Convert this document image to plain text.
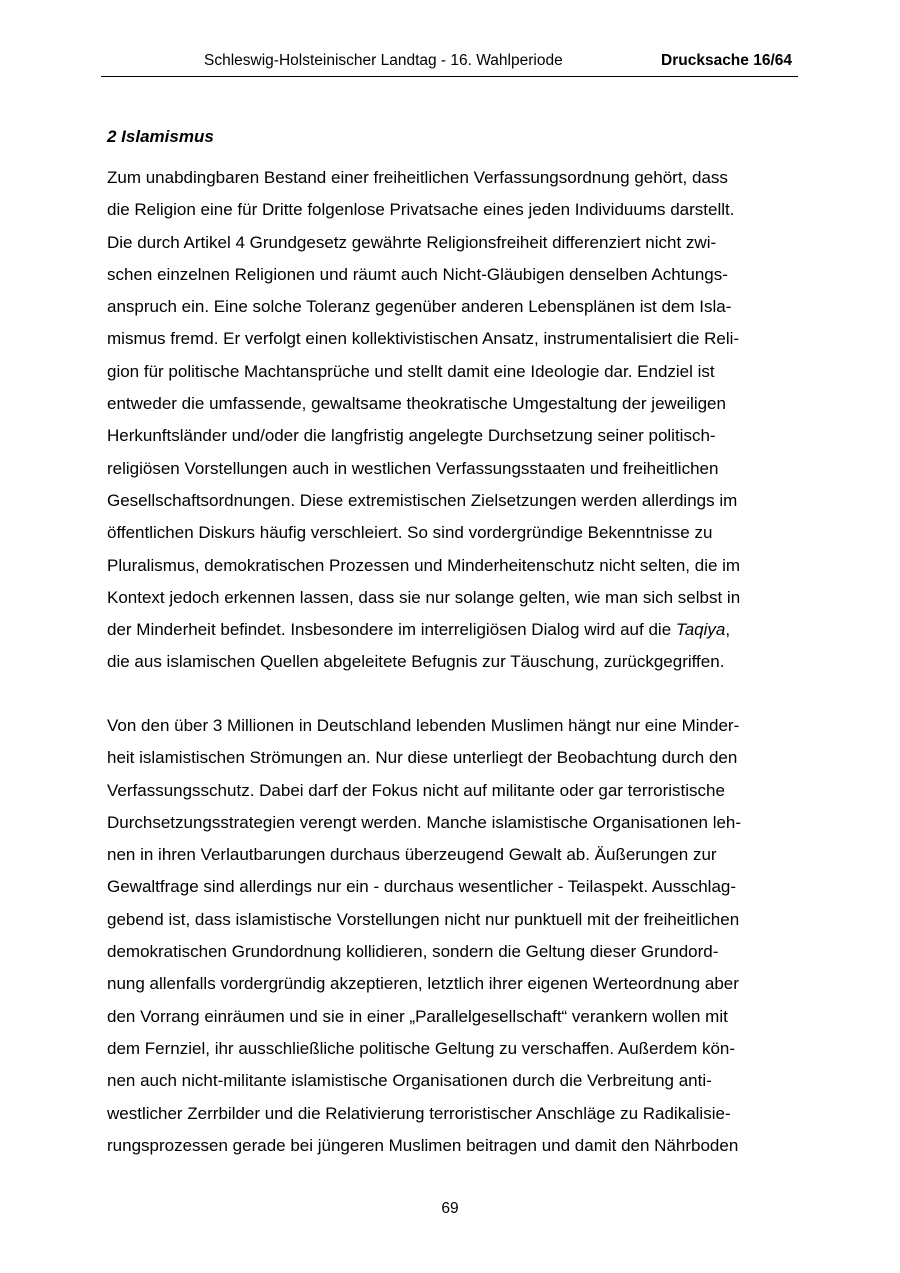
Schleswig-Holsteinischer Landtag - 16. Wahlperiode	Drucksache 16/64
2 Islamismus
Zum unabdingbaren Bestand einer freiheitlichen Verfassungsordnung gehört, dass
die Religion eine für Dritte folgenlose Privatsache eines jeden Individuums darstellt.
Die durch Artikel 4 Grundgesetz gewährte Religionsfreiheit differenziert nicht zwi-
schen einzelnen Religionen und räumt auch Nicht-Gläubigen denselben Achtungs-
anspruch ein. Eine solche Toleranz gegenüber anderen Lebensplänen ist dem Isla-
mismus fremd. Er verfolgt einen kollektivistischen Ansatz, instrumentalisiert die Reli-
gion für politische Machtansprüche und stellt damit eine Ideologie dar. Endziel ist
entweder die umfassende, gewaltsame theokratische Umgestaltung der jeweiligen
Herkunftsländer und/oder die langfristig angelegte Durchsetzung seiner politisch-
religiösen Vorstellungen auch in westlichen Verfassungsstaaten und freiheitlichen
Gesellschaftsordnungen. Diese extremistischen Zielsetzungen werden allerdings im
öffentlichen Diskurs häufig verschleiert. So sind vordergründige Bekenntnisse zu
Pluralismus, demokratischen Prozessen und Minderheitenschutz nicht selten, die im
Kontext jedoch erkennen lassen, dass sie nur solange gelten, wie man sich selbst in
der Minderheit befindet. Insbesondere im interreligiösen Dialog wird auf die Taqiya,
die aus islamischen Quellen abgeleitete Befugnis zur Täuschung, zurückgegriffen.
Von den über 3 Millionen in Deutschland lebenden Muslimen hängt nur eine Minder-
heit islamistischen Strömungen an. Nur diese unterliegt der Beobachtung durch den
Verfassungsschutz. Dabei darf der Fokus nicht auf militante oder gar terroristische
Durchsetzungsstrategien verengt werden. Manche islamistische Organisationen leh-
nen in ihren Verlautbarungen durchaus überzeugend Gewalt ab. Äußerungen zur
Gewaltfrage sind allerdings nur ein - durchaus wesentlicher - Teilaspekt. Ausschlag-
gebend ist, dass islamistische Vorstellungen nicht nur punktuell mit der freiheitlichen
demokratischen Grundordnung kollidieren, sondern die Geltung dieser Grundord-
nung allenfalls vordergründig akzeptieren, letztlich ihrer eigenen Werteordnung aber
den Vorrang einräumen und sie in einer „Parallelgesellschaft“ verankern wollen mit
dem Fernziel, ihr ausschließliche politische Geltung zu verschaffen. Außerdem kön-
nen auch nicht-militante islamistische Organisationen durch die Verbreitung anti-
westlicher Zerrbilder und die Relativierung terroristischer Anschläge zu Radikalisie-
rungsprozessen gerade bei jüngeren Muslimen beitragen und damit den Nährboden
69
